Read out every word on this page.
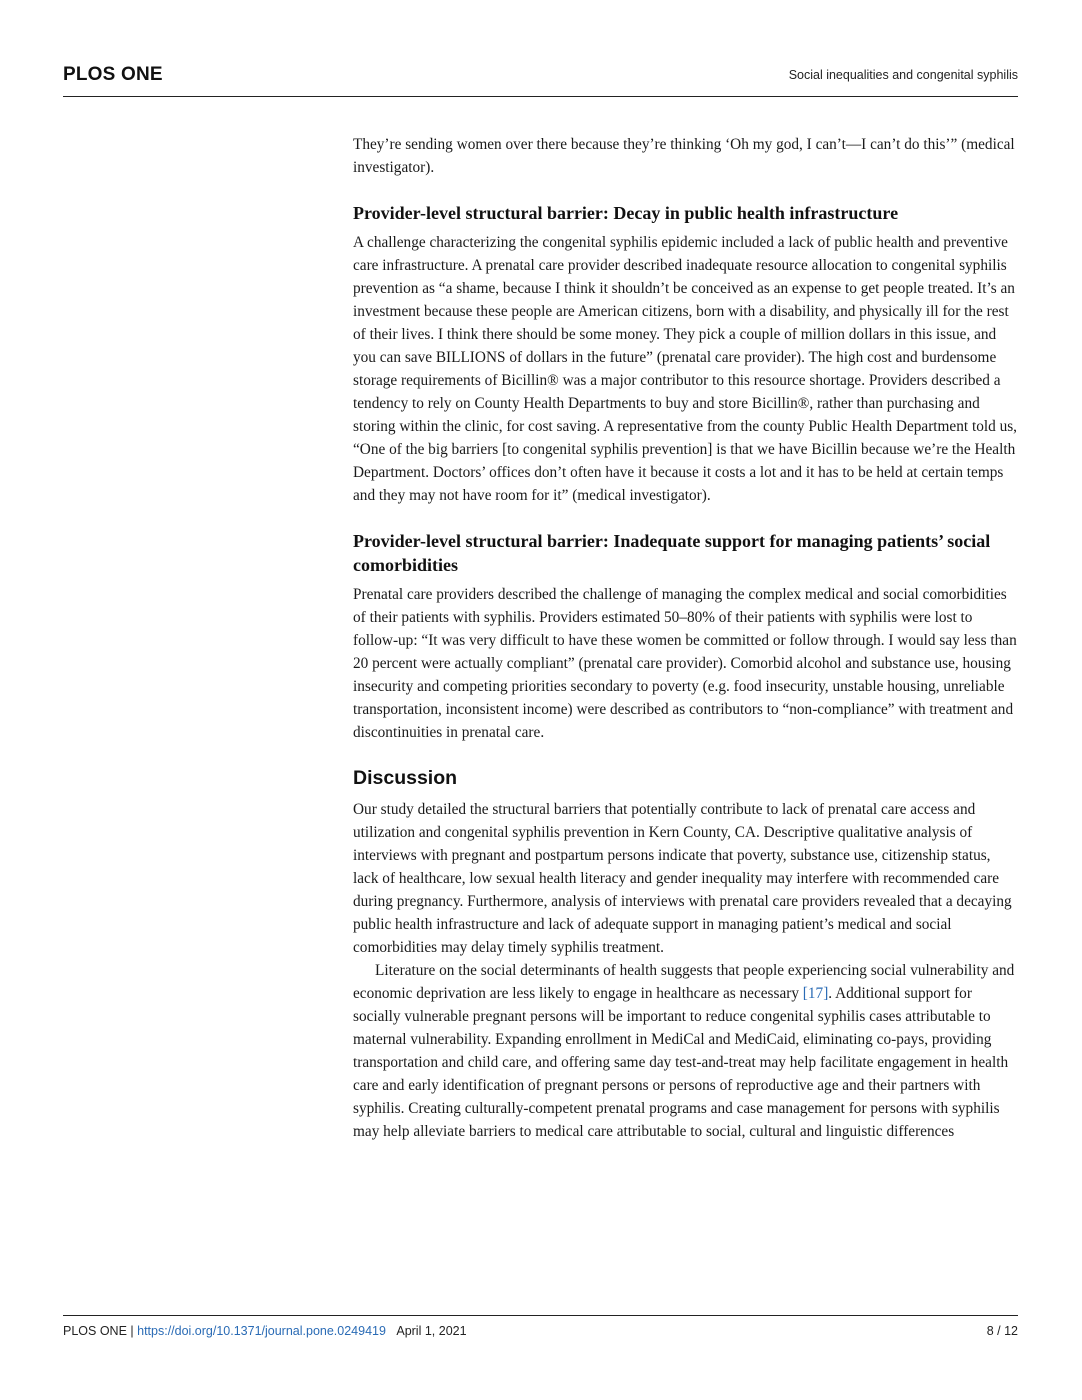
PLOS ONE	Social inequalities and congenital syphilis

They’re sending women over there because they’re thinking ‘Oh my god, I can’t—I can’t do this’” (medical investigator).

Provider-level structural barrier: Decay in public health infrastructure

A challenge characterizing the congenital syphilis epidemic included a lack of public health and preventive care infrastructure. A prenatal care provider described inadequate resource allocation to congenital syphilis prevention as “a shame, because I think it shouldn’t be conceived as an expense to get people treated. It’s an investment because these people are American citizens, born with a disability, and physically ill for the rest of their lives. I think there should be some money. They pick a couple of million dollars in this issue, and you can save BILLIONS of dollars in the future” (prenatal care provider). The high cost and burdensome storage requirements of Bicillin® was a major contributor to this resource shortage. Providers described a tendency to rely on County Health Departments to buy and store Bicillin®, rather than purchasing and storing within the clinic, for cost saving. A representative from the county Public Health Department told us, “One of the big barriers [to congenital syphilis prevention] is that we have Bicillin because we’re the Health Department. Doctors’ offices don’t often have it because it costs a lot and it has to be held at certain temps and they may not have room for it” (medical investigator).

Provider-level structural barrier: Inadequate support for managing patients’ social comorbidities

Prenatal care providers described the challenge of managing the complex medical and social comorbidities of their patients with syphilis. Providers estimated 50–80% of their patients with syphilis were lost to follow-up: “It was very difficult to have these women be committed or follow through. I would say less than 20 percent were actually compliant” (prenatal care provider). Comorbid alcohol and substance use, housing insecurity and competing priorities secondary to poverty (e.g. food insecurity, unstable housing, unreliable transportation, inconsistent income) were described as contributors to “non-compliance” with treatment and discontinuities in prenatal care.

Discussion

Our study detailed the structural barriers that potentially contribute to lack of prenatal care access and utilization and congenital syphilis prevention in Kern County, CA. Descriptive qualitative analysis of interviews with pregnant and postpartum persons indicate that poverty, substance use, citizenship status, lack of healthcare, low sexual health literacy and gender inequality may interfere with recommended care during pregnancy. Furthermore, analysis of interviews with prenatal care providers revealed that a decaying public health infrastructure and lack of adequate support in managing patient’s medical and social comorbidities may delay timely syphilis treatment.

Literature on the social determinants of health suggests that people experiencing social vulnerability and economic deprivation are less likely to engage in healthcare as necessary [17]. Additional support for socially vulnerable pregnant persons will be important to reduce congenital syphilis cases attributable to maternal vulnerability. Expanding enrollment in MediCal and MediCaid, eliminating co-pays, providing transportation and child care, and offering same day test-and-treat may help facilitate engagement in health care and early identification of pregnant persons or persons of reproductive age and their partners with syphilis. Creating culturally-competent prenatal programs and case management for persons with syphilis may help alleviate barriers to medical care attributable to social, cultural and linguistic differences

PLOS ONE | https://doi.org/10.1371/journal.pone.0249419 April 1, 2021	8 / 12
